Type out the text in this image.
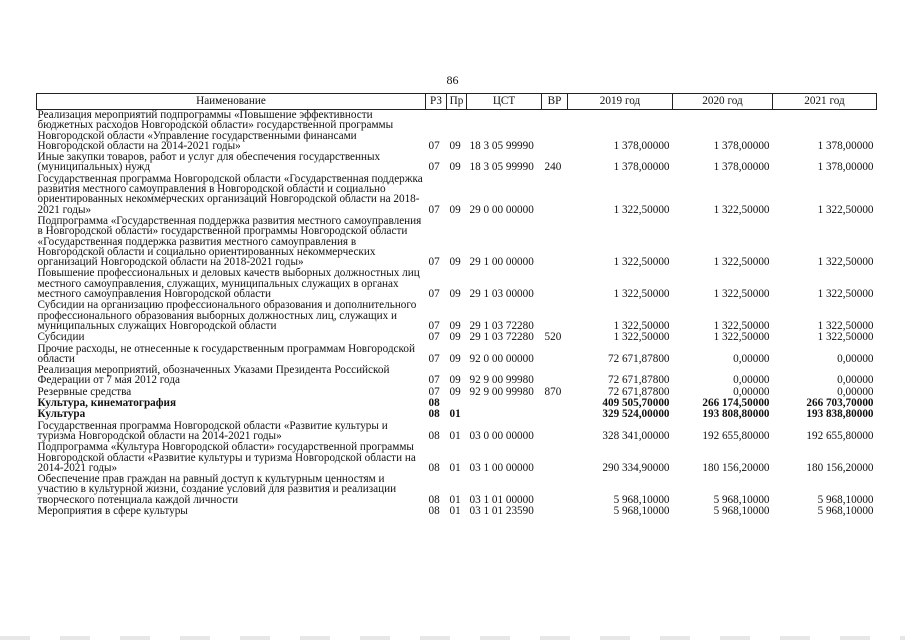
86
Наименование	РЗ	Пр	ЦСТ	ВР	2019 год	2020 год	2021 год
Реализация мероприятий подпрограммы «Повышение эффективности бюджетных расходов Новгородской области» государственной программы Новгородской области «Управление государственными финансами Новгородской области на 2014-2021 годы»	07	09	18 3 05 99990		1 378,00000	1 378,00000	1 378,00000
Иные закупки товаров, работ и услуг для обеспечения государственных (муниципальных) нужд	07	09	18 3 05 99990	240	1 378,00000	1 378,00000	1 378,00000
Государственная программа Новгородской области «Государственная поддержка развития местного самоуправления в Новгородской области и социально ориентированных некоммерческих организаций Новгородской области на 2018-2021 годы»	07	09	29 0 00 00000		1 322,50000	1 322,50000	1 322,50000
Подпрограмма «Государственная поддержка развития местного самоуправления в Новгородской области» государственной программы Новгородской области «Государственная поддержка развития местного самоуправления в Новгородской области и социально ориентированных некоммерческих организаций Новгородской области на 2018-2021 годы»	07	09	29 1 00 00000		1 322,50000	1 322,50000	1 322,50000
Повышение профессиональных и деловых качеств выборных должностных лиц местного самоуправления, служащих, муниципальных служащих в органах местного самоуправления Новгородской области	07	09	29 1 03 00000		1 322,50000	1 322,50000	1 322,50000
Субсидии на организацию профессионального образования и дополнительного профессионального образования выборных должностных лиц, служащих и муниципальных служащих Новгородской области	07	09	29 1 03 72280		1 322,50000	1 322,50000	1 322,50000
Субсидии	07	09	29 1 03 72280	520	1 322,50000	1 322,50000	1 322,50000
Прочие расходы, не отнесенные к государственным программам Новгородской области	07	09	92 0 00 00000		72 671,87800	0,00000	0,00000
Реализация мероприятий, обозначенных Указами Президента Российской Федерации от 7 мая 2012 года	07	09	92 9 00 99980		72 671,87800	0,00000	0,00000
Резервные средства	07	09	92 9 00 99980	870	72 671,87800	0,00000	0,00000
Культура, кинематография	08				409 505,70000	266 174,50000	266 703,70000
Культура	08	01			329 524,00000	193 808,80000	193 838,80000
Государственная программа Новгородской области «Развитие культуры и туризма Новгородской области на 2014-2021 годы»	08	01	03 0 00 00000		328 341,00000	192 655,80000	192 655,80000
Подпрограмма «Культура Новгородской области» государственной программы Новгородской области «Развитие культуры и туризма Новгородской области на 2014-2021 годы»	08	01	03 1 00 00000		290 334,90000	180 156,20000	180 156,20000
Обеспечение прав граждан на равный доступ к культурным ценностям и участию в культурной жизни, создание условий для развития и реализации творческого потенциала каждой личности	08	01	03 1 01 00000		5 968,10000	5 968,10000	5 968,10000
Мероприятия в сфере культуры	08	01	03 1 01 23590		5 968,10000	5 968,10000	5 968,10000
